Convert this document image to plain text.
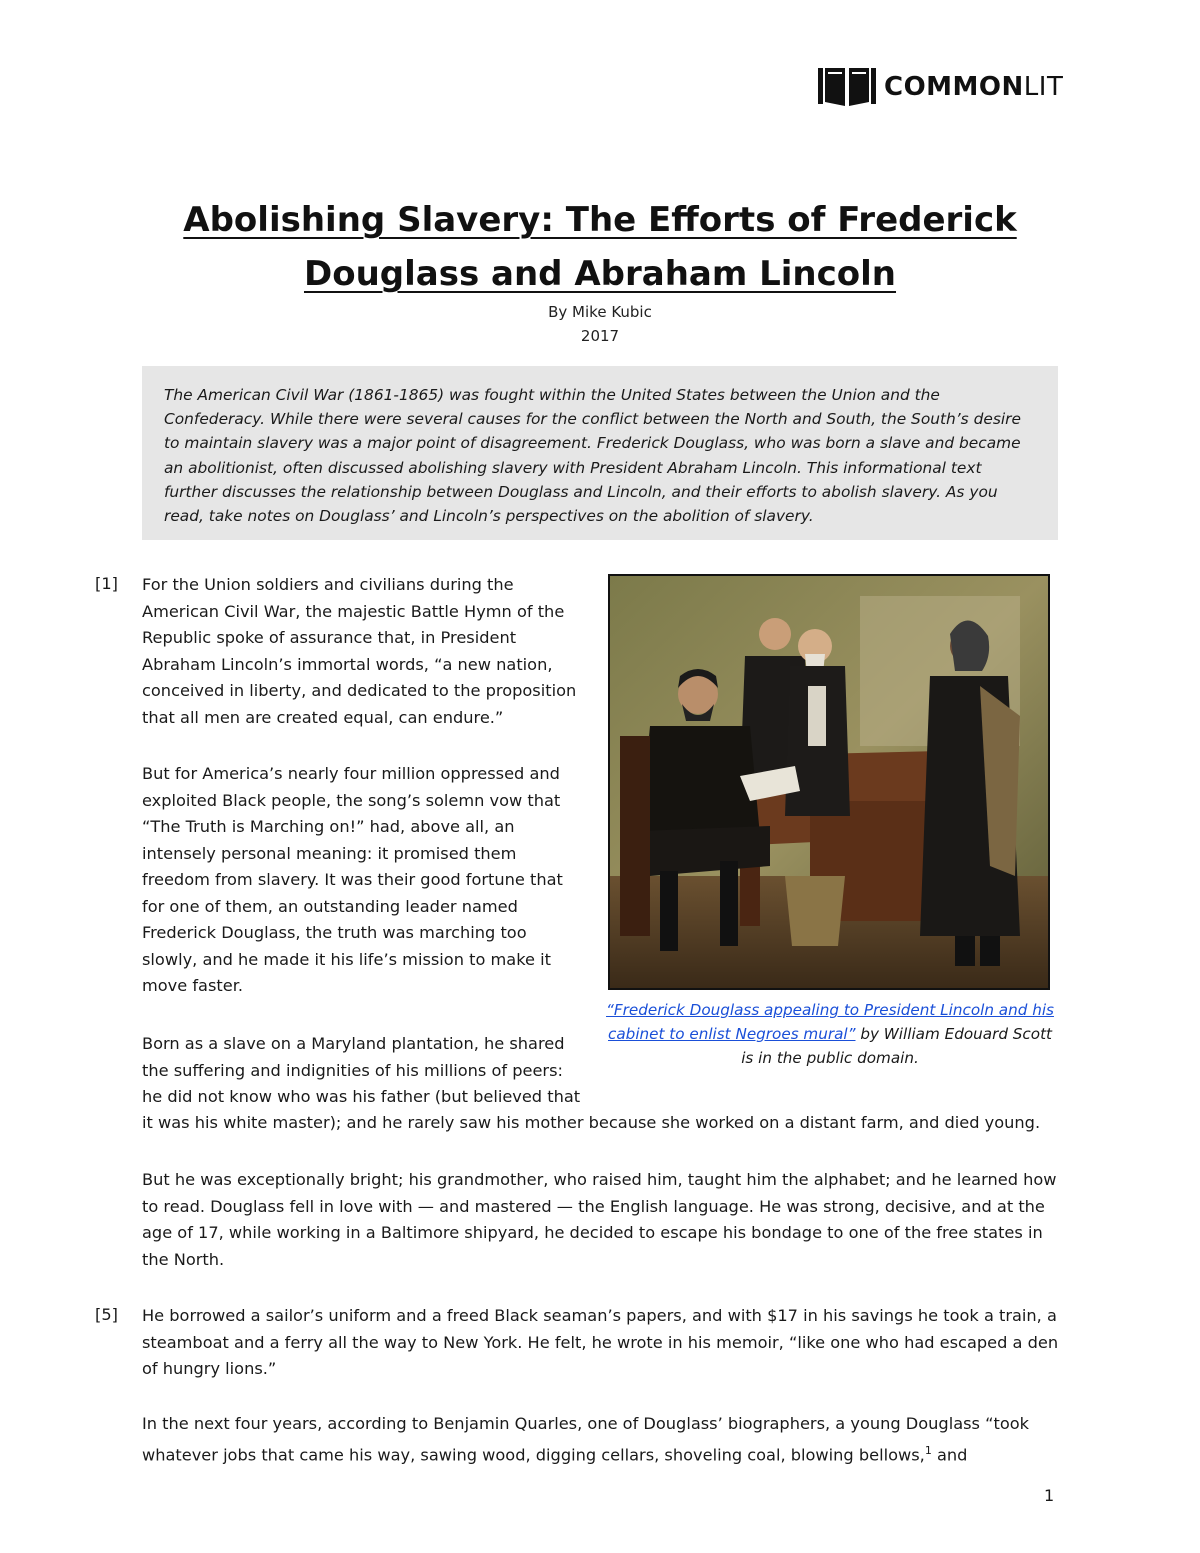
COMMONLIT
Abolishing Slavery: The Efforts of Frederick Douglass and Abraham Lincoln
By Mike Kubic
2017
The American Civil War (1861-1865) was fought within the United States between the Union and the Confederacy. While there were several causes for the conflict between the North and South, the South’s desire to maintain slavery was a major point of disagreement. Frederick Douglass, who was born a slave and became an abolitionist, often discussed abolishing slavery with President Abraham Lincoln. This informational text further discusses the relationship between Douglass and Lincoln, and their efforts to abolish slavery. As you read, take notes on Douglass’ and Lincoln’s perspectives on the abolition of slavery.
[1] For the Union soldiers and civilians during the American Civil War, the majestic Battle Hymn of the Republic spoke of assurance that, in President Abraham Lincoln’s immortal words, “a new nation, conceived in liberty, and dedicated to the proposition that all men are created equal, can endure.”
But for America’s nearly four million oppressed and exploited Black people, the song’s solemn vow that “The Truth is Marching on!” had, above all, an intensely personal meaning: it promised them freedom from slavery. It was their good fortune that for one of them, an outstanding leader named Frederick Douglass, the truth was marching too slowly, and he made it his life’s mission to make it move faster.
Born as a slave on a Maryland plantation, he shared the suffering and indignities of his millions of peers: he did not know who was his father (but believed that
it was his white master); and he rarely saw his mother because she worked on a distant farm, and died young.
But he was exceptionally bright; his grandmother, who raised him, taught him the alphabet; and he learned how to read. Douglass fell in love with — and mastered — the English language. He was strong, decisive, and at the age of 17, while working in a Baltimore shipyard, he decided to escape his bondage to one of the free states in the North.
[5] He borrowed a sailor’s uniform and a freed Black seaman’s papers, and with $17 in his savings he took a train, a steamboat and a ferry all the way to New York. He felt, he wrote in his memoir, “like one who had escaped a den of hungry lions.”
In the next four years, according to Benjamin Quarles, one of Douglass’ biographers, a young Douglass “took whatever jobs that came his way, sawing wood, digging cellars, shoveling coal, blowing bellows,$^1$ and
“Frederick Douglass appealing to President Lincoln and his cabinet to enlist Negroes mural” by William Edouard Scott is in the public domain.
1
